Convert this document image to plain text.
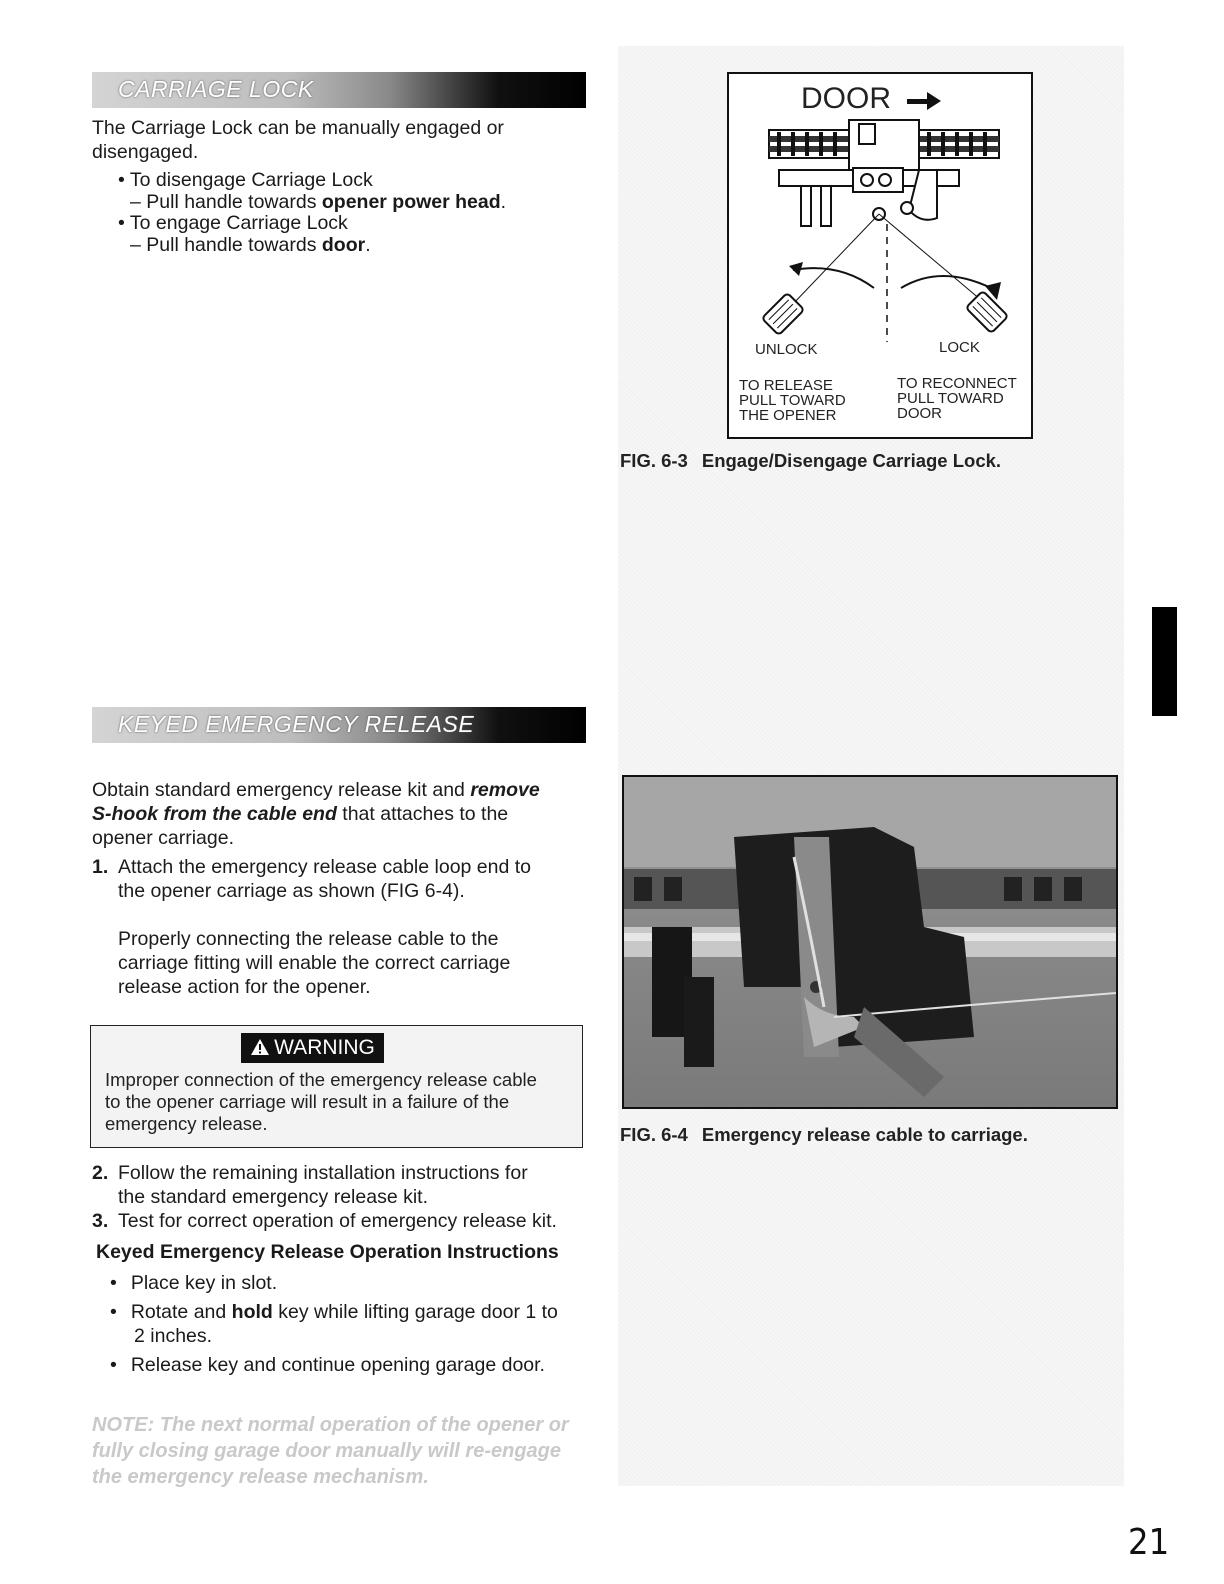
CARRIAGE LOCK
The Carriage Lock can be manually engaged or
disengaged.
• To disengage Carriage Lock
– Pull handle towards opener power head.
• To engage Carriage Lock
– Pull handle towards door.
DOOR
UNLOCK	LOCK
TO RELEASE
PULL TOWARD
THE OPENER
TO RECONNECT
PULL TOWARD
DOOR
FIG. 6-3 Engage/Disengage Carriage Lock.
KEYED EMERGENCY RELEASE
Obtain standard emergency release kit and remove
S-hook from the cable end that attaches to the
opener carriage.
1. Attach the emergency release cable loop end to
the opener carriage as shown (FIG 6-4).
Properly connecting the release cable to the
carriage fitting will enable the correct carriage
release action for the opener.
WARNING
Improper connection of the emergency release cable
to the opener carriage will result in a failure of the
emergency release.
2. Follow the remaining installation instructions for
the standard emergency release kit.
3. Test for correct operation of emergency release kit.
Keyed Emergency Release Operation Instructions
• Place key in slot.
• Rotate and hold key while lifting garage door 1 to
2 inches.
• Release key and continue opening garage door.
NOTE: The next normal operation of the opener or
fully closing garage door manually will re-engage
the emergency release mechanism.
FIG. 6-4 Emergency release cable to carriage.
21
